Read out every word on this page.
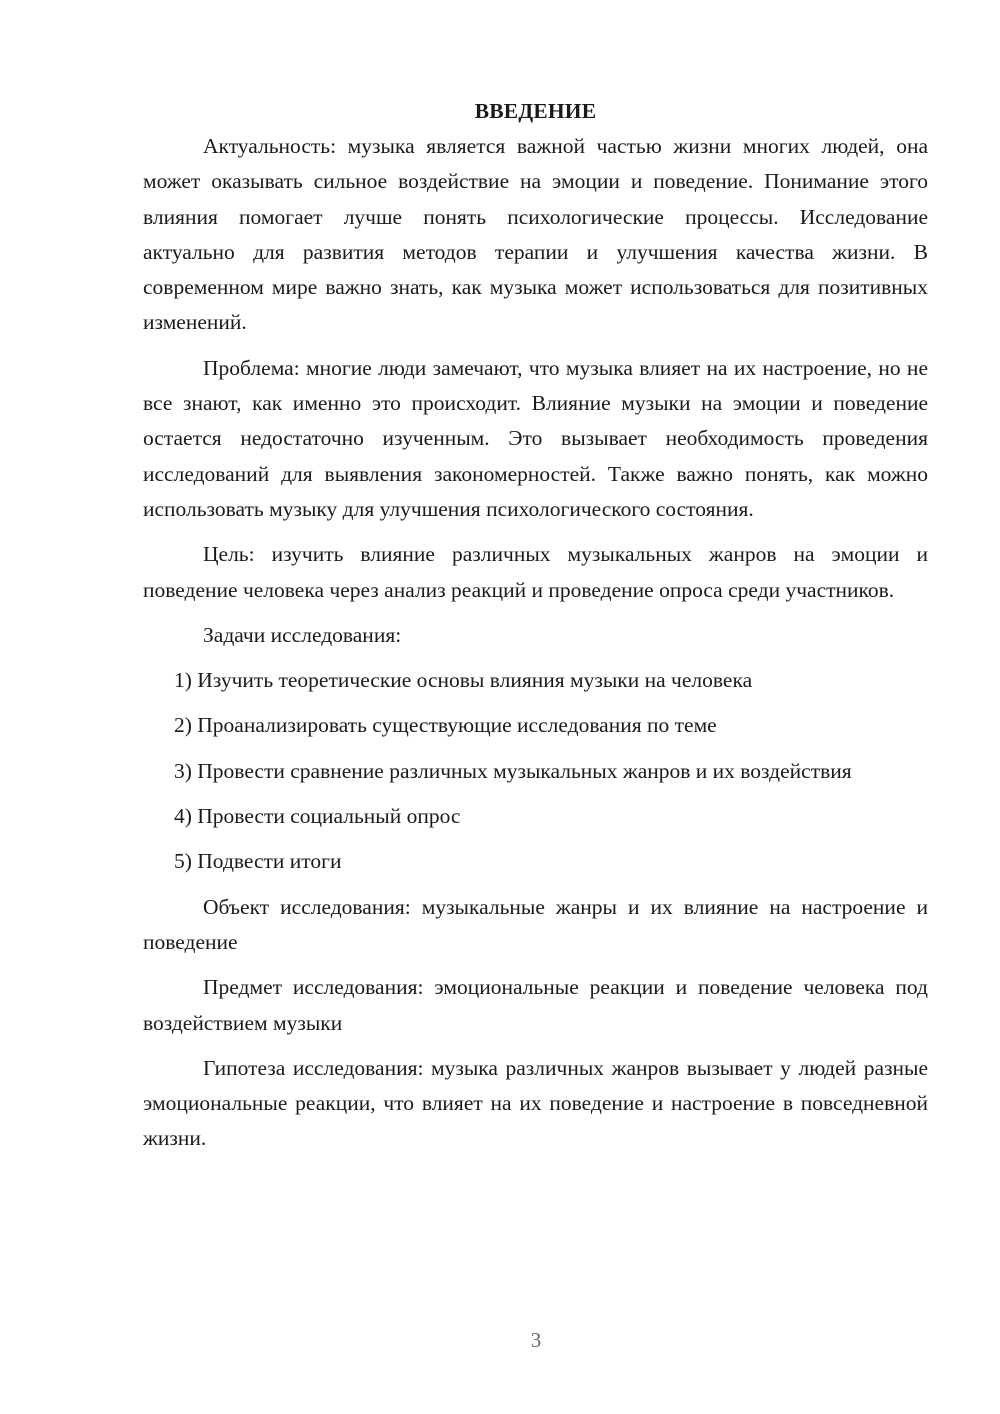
ВВЕДЕНИЕ

Актуальность: музыка является важной частью жизни многих людей, она может оказывать сильное воздействие на эмоции и поведение. Понимание этого влияния помогает лучше понять психологические процессы. Исследование актуально для развития методов терапии и улучшения качества жизни. В современном мире важно знать, как музыка может использоваться для позитивных изменений.

Проблема: многие люди замечают, что музыка влияет на их настроение, но не все знают, как именно это происходит. Влияние музыки на эмоции и поведение остается недостаточно изученным. Это вызывает необходимость проведения исследований для выявления закономерностей. Также важно понять, как можно использовать музыку для улучшения психологического состояния.

Цель: изучить влияние различных музыкальных жанров на эмоции и поведение человека через анализ реакций и проведение опроса среди участников.

Задачи исследования:

1) Изучить теоретические основы влияния музыки на человека

2) Проанализировать существующие исследования по теме

3) Провести сравнение различных музыкальных жанров и их воздействия

4) Провести социальный опрос

5) Подвести итоги

Объект исследования: музыкальные жанры и их влияние на настроение и поведение

Предмет исследования: эмоциональные реакции и поведение человека под воздействием музыки

Гипотеза исследования: музыка различных жанров вызывает у людей разные эмоциональные реакции, что влияет на их поведение и настроение в повседневной жизни.

3
